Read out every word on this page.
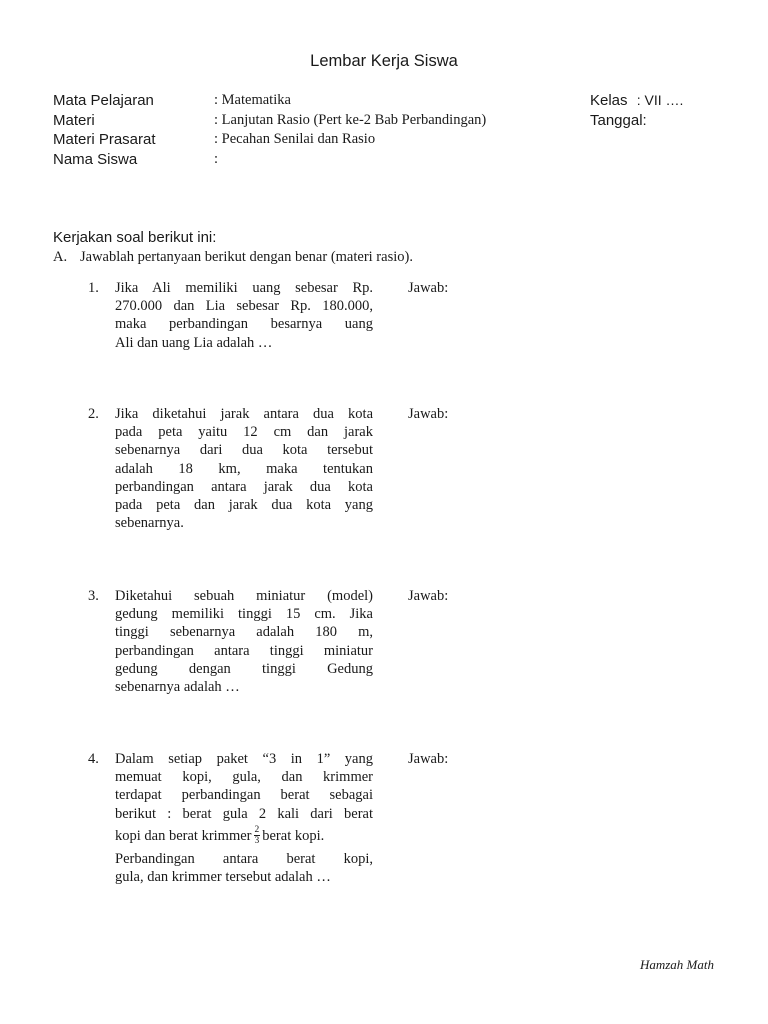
Lembar Kerja Siswa
Mata Pelajaran	: Matematika	Kelas : VII ….
Materi	: Lanjutan Rasio (Pert ke-2 Bab Perbandingan)	Tanggal:
Materi Prasarat	: Pecahan Senilai dan Rasio
Nama Siswa	:
Kerjakan soal berikut ini:
A. Jawablah pertanyaan berikut dengan benar (materi rasio).
1. Jika Ali memiliki uang sebesar Rp.
270.000 dan Lia sebesar Rp. 180.000,
maka perbandingan besarnya uang
Ali dan uang Lia adalah …
Jawab:
2. Jika diketahui jarak antara dua kota
pada peta yaitu 12 cm dan jarak
sebenarnya dari dua kota tersebut
adalah 18 km, maka tentukan
perbandingan antara jarak dua kota
pada peta dan jarak dua kota yang
sebenarnya.
Jawab:
3. Diketahui sebuah miniatur (model)
gedung memiliki tinggi 15 cm. Jika
tinggi sebenarnya adalah 180 m,
perbandingan antara tinggi miniatur
gedung dengan tinggi Gedung
sebenarnya adalah …
Jawab:
4. Dalam setiap paket “3 in 1” yang
memuat kopi, gula, dan krimmer
terdapat perbandingan berat sebagai
berikut : berat gula 2 kali dari berat
kopi dan berat krimmer $\frac{2}{3}$ berat kopi.
Perbandingan antara berat kopi,
gula, dan krimmer tersebut adalah …
Jawab:
Hamzah Math
